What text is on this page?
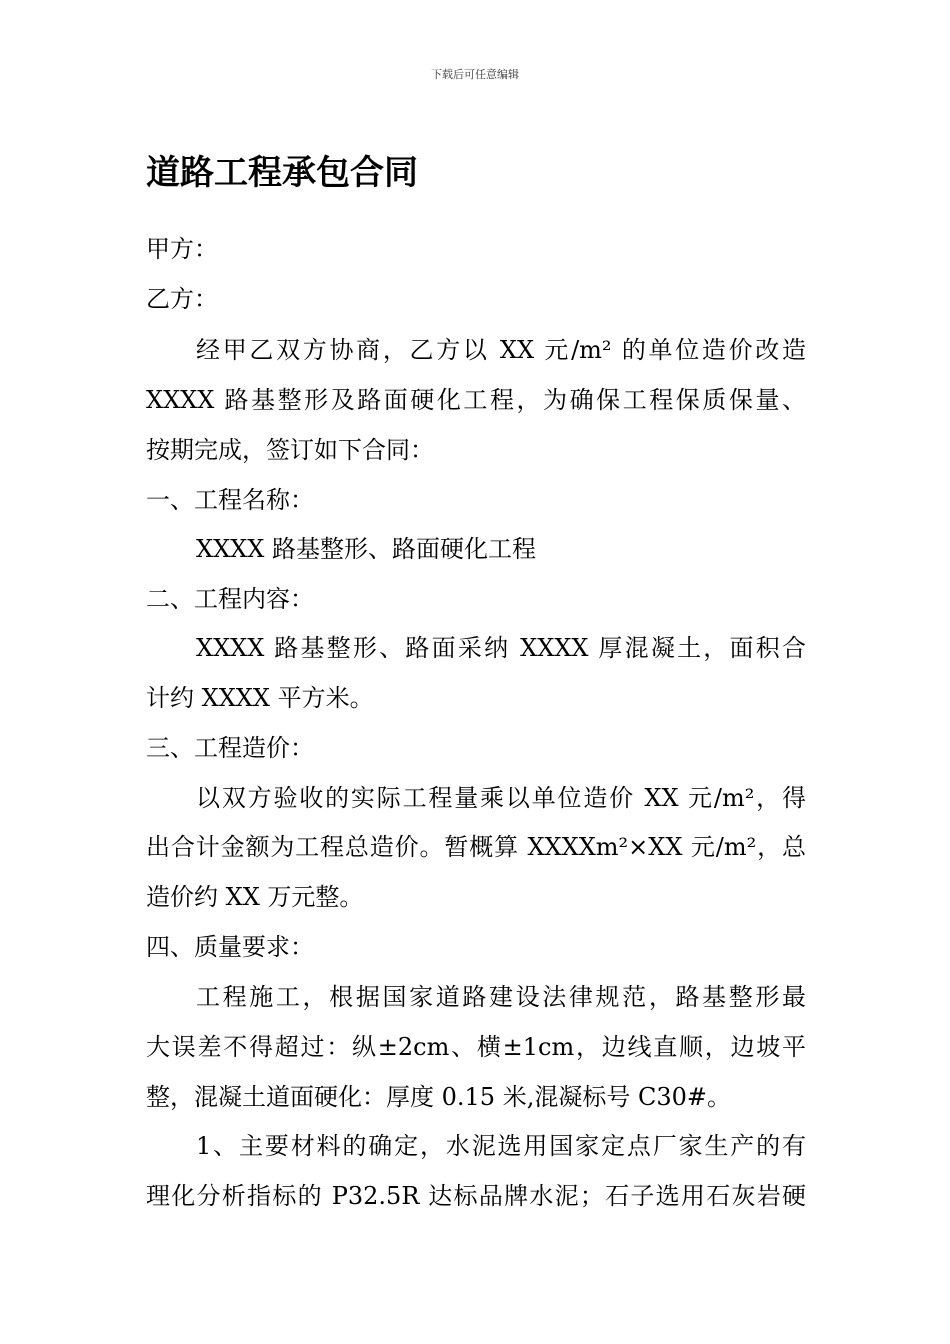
下载后可任意编辑
道路工程承包合同
甲方：
乙方：
经甲乙双方协商，乙方以 XX 元/m² 的单位造价改造
XXXX 路基整形及路面硬化工程，为确保工程保质保量、
按期完成，签订如下合同：
一、工程名称：
XXXX 路基整形、路面硬化工程
二、工程内容：
XXXX 路基整形、路面采纳 XXXX 厚混凝土，面积合
计约 XXXX 平方米。
三、工程造价：
以双方验收的实际工程量乘以单位造价 XX 元/m²，得
出合计金额为工程总造价。暂概算 XXXXm²×XX 元/m²，总
造价约 XX 万元整。
四、质量要求：
工程施工，根据国家道路建设法律规范，路基整形最
大误差不得超过：纵±2cm、横±1cm，边线直顺，边坡平
整，混凝土道面硬化：厚度 0.15 米,混凝标号 C30#。
1、主要材料的确定，水泥选用国家定点厂家生产的有
理化分析指标的 P32.5R 达标品牌水泥；石子选用石灰岩硬
